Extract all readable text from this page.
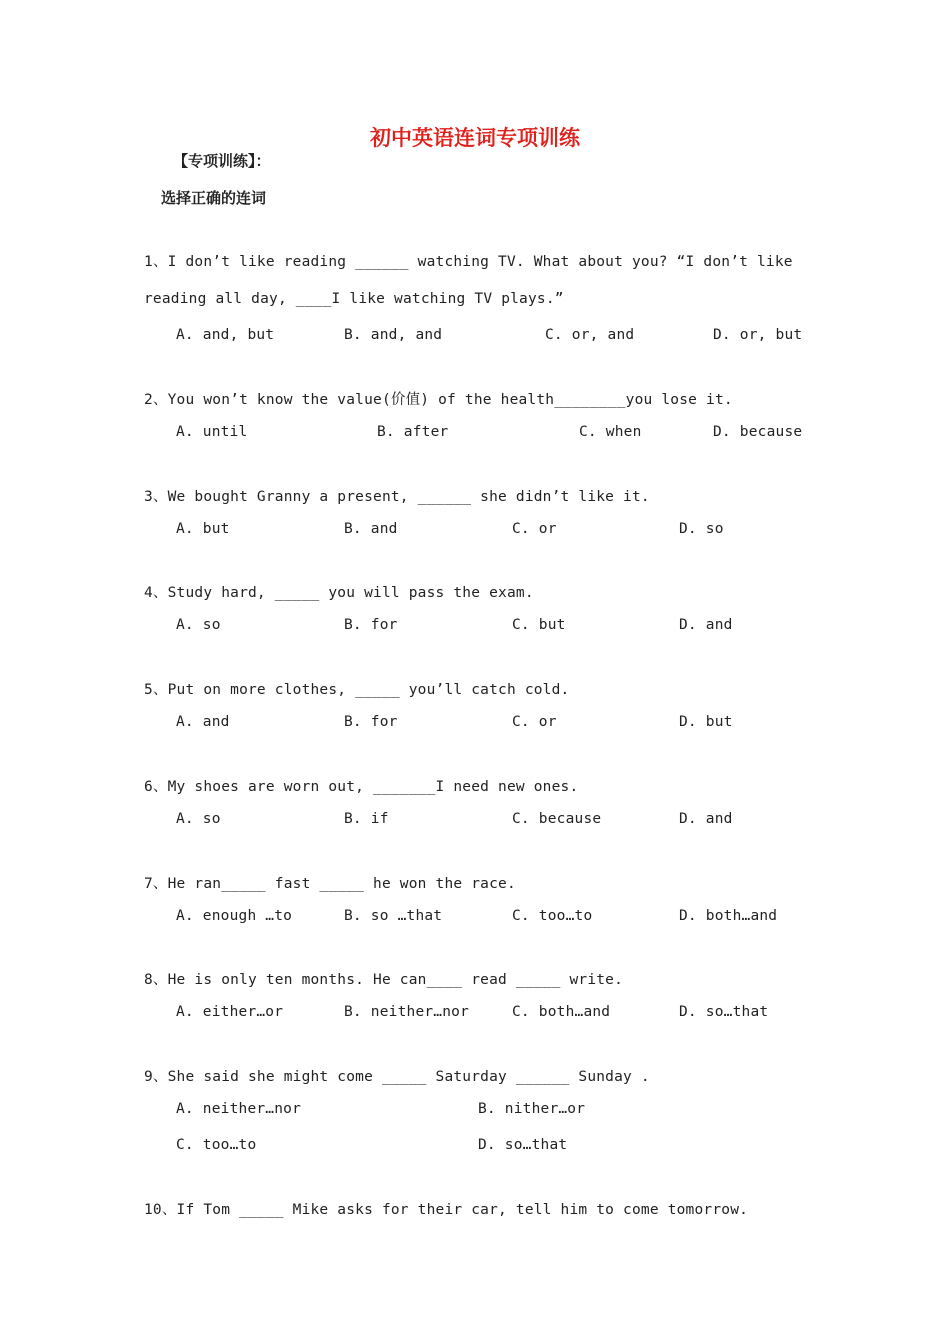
初中英语连词专项训练
【专项训练】：
选择正确的连词
1、I don’t like reading ______ watching TV. What about you? “I don’t like
reading all day, ____I like watching TV plays.”
A. and, but	B. and, and	C. or, and	D. or, but
2、You won’t know the value(价值) of the health________you lose it.
A. until	B. after	C. when	D. because
3、We bought Granny a present, ______ she didn’t like it.
A. but	B. and	C. or	D. so
4、Study hard, _____ you will pass the exam.
A. so	B. for	C. but	D. and
5、Put on more clothes, _____ you’ll catch cold.
A. and	B. for	C. or	D. but
6、My shoes are worn out, _______I need new ones.
A. so	B. if	C. because	D. and
7、He ran_____ fast _____ he won the race.
A. enough …to	B. so …that	C. too…to	D. both…and
8、He is only ten months. He can____ read _____ write.
A. either…or	B. neither…nor	C. both…and	D. so…that
9、She said she might come _____ Saturday ______ Sunday .
A. neither…nor	B. nither…or
C. too…to	D. so…that
10、If Tom _____ Mike asks for their car, tell him to come tomorrow.
